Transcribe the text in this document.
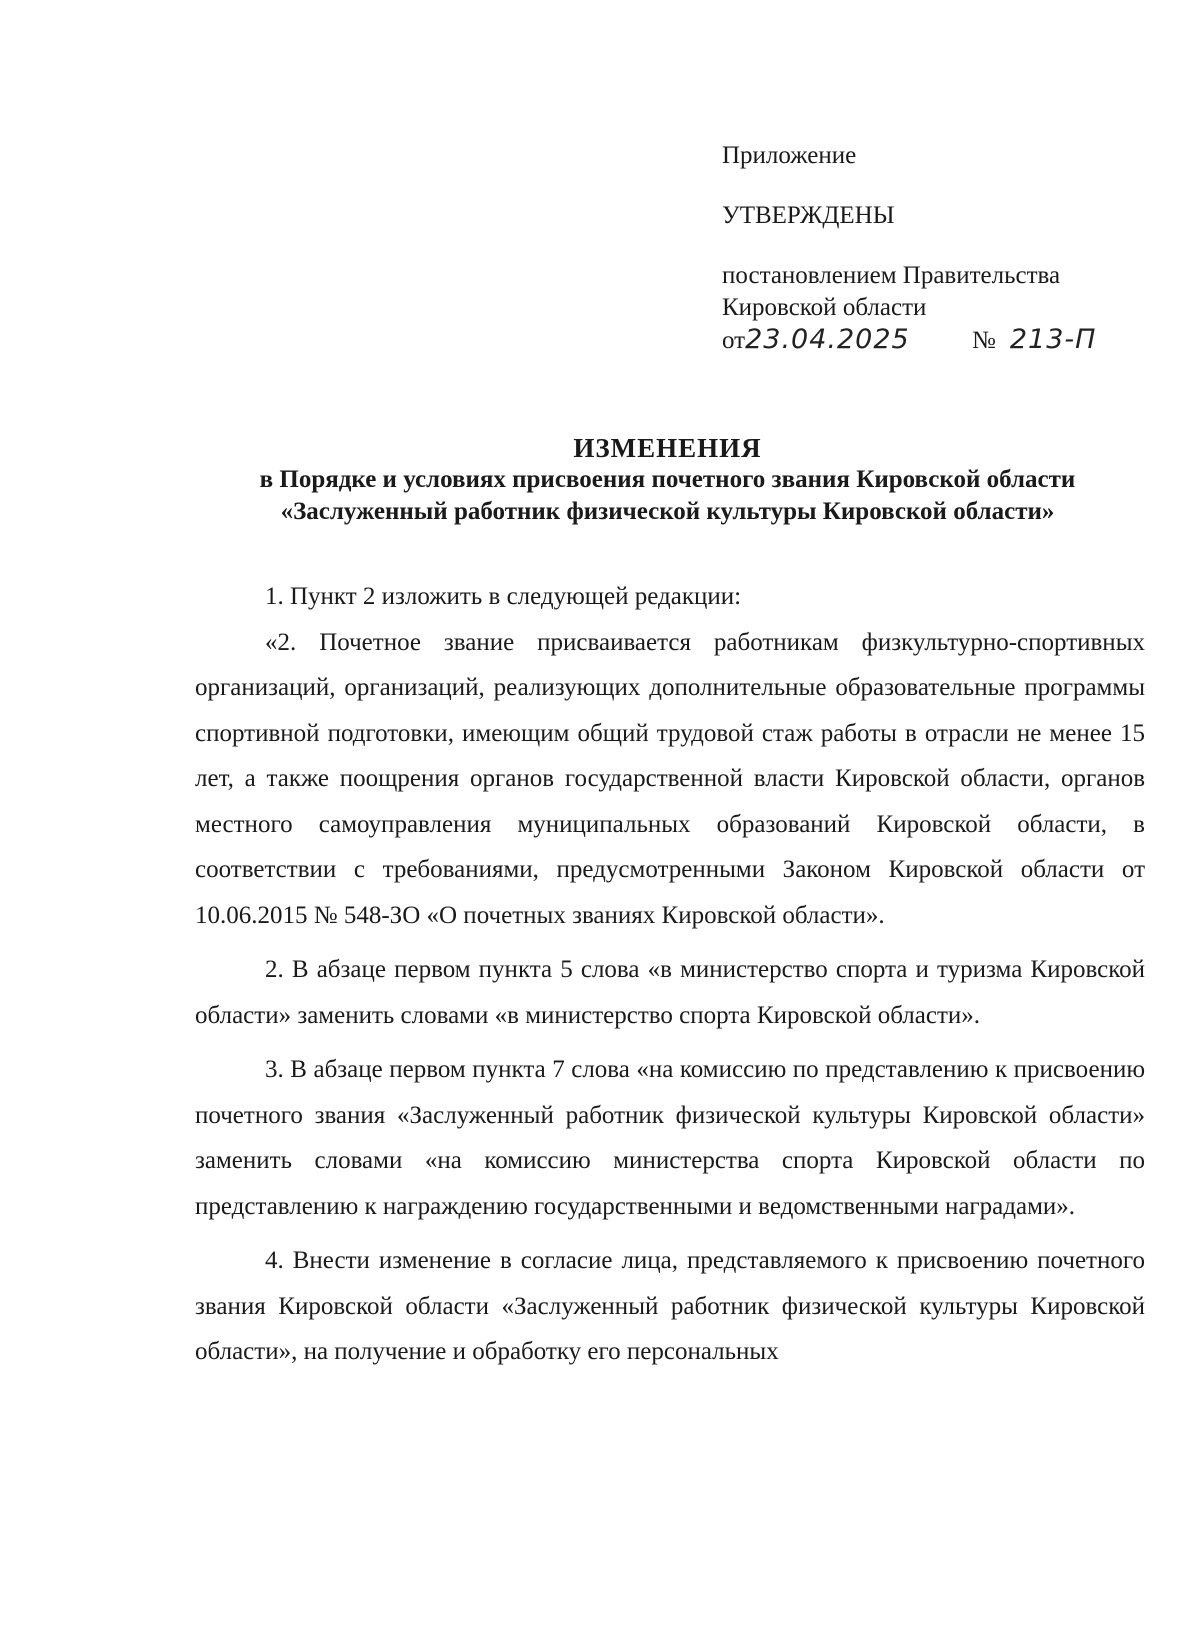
Приложение
УТВЕРЖДЕНЫ
постановлением Правительства
Кировской области
от23.04.2025 № 213-П
ИЗМЕНЕНИЯ
в Порядке и условиях присвоения почетного звания Кировской области
«Заслуженный работник физической культуры Кировской области»

1. Пункт 2 изложить в следующей редакции:

«2. Почетное звание присваивается работникам физкультурно-спортивных организаций, организаций, реализующих дополнительные образовательные программы спортивной подготовки, имеющим общий трудовой стаж работы в отрасли не менее 15 лет, а также поощрения органов государственной власти Кировской области, органов местного самоуправления муниципальных образований Кировской области, в соответствии с требованиями, предусмотренными Законом Кировской области от 10.06.2015 № 548-ЗО «О почетных званиях Кировской области».

2. В абзаце первом пункта 5 слова «в министерство спорта и туризма Кировской области» заменить словами «в министерство спорта Кировской области».

3. В абзаце первом пункта 7 слова «на комиссию по представлению к присвоению почетного звания «Заслуженный работник физической культуры Кировской области» заменить словами «на комиссию министерства спорта Кировской области по представлению к награждению государственными и ведомственными наградами».

4. Внести изменение в согласие лица, представляемого к присвоению почетного звания Кировской области «Заслуженный работник физической культуры Кировской области», на получение и обработку его персональных
